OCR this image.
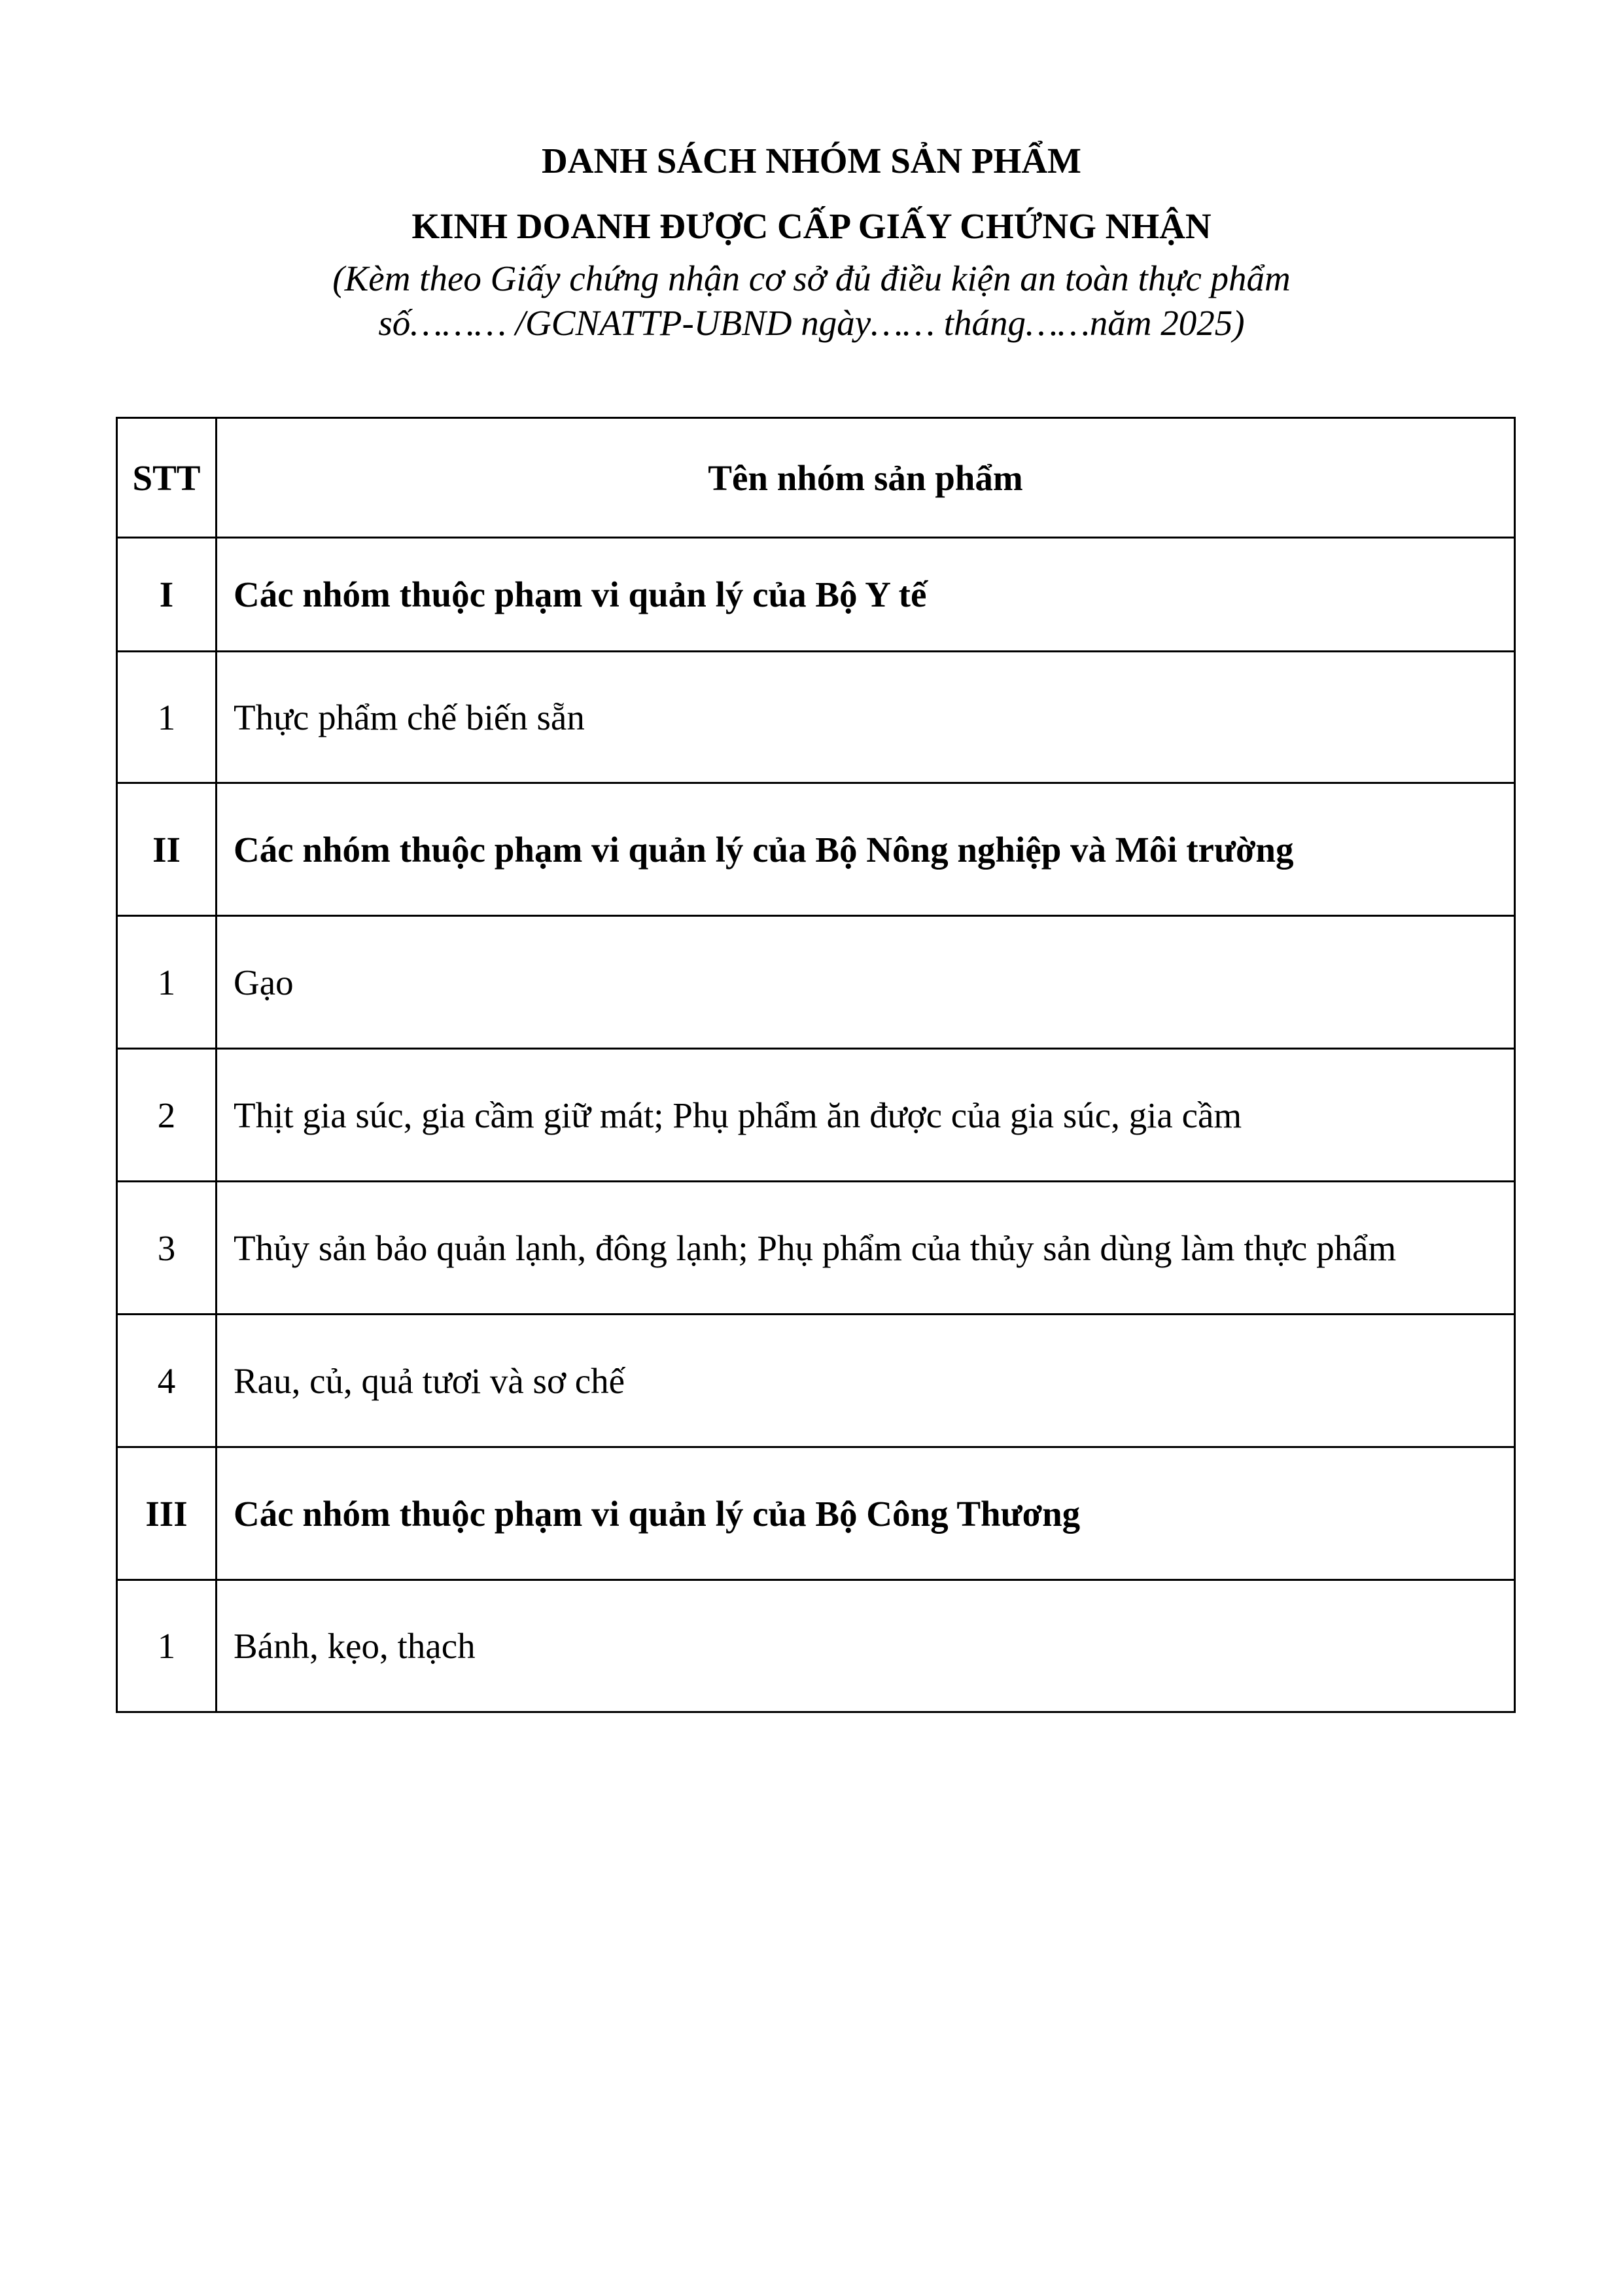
DANH SÁCH NHÓM SẢN PHẨM

KINH DOANH ĐƯỢC CẤP GIẤY CHỨNG NHẬN

(Kèm theo Giấy chứng nhận cơ sở đủ điều kiện an toàn thực phẩm

số……… /GCNATTP-UBND ngày…… tháng……năm 2025)

STT	Tên nhóm sản phẩm
I	Các nhóm thuộc phạm vi quản lý của Bộ Y tế
1	Thực phẩm chế biến sẵn
II	Các nhóm thuộc phạm vi quản lý của Bộ Nông nghiệp và Môi trường
1	Gạo
2	Thịt gia súc, gia cầm giữ mát; Phụ phẩm ăn được của gia súc, gia cầm
3	Thủy sản bảo quản lạnh, đông lạnh; Phụ phẩm của thủy sản dùng làm thực phẩm
4	Rau, củ, quả tươi và sơ chế
III	Các nhóm thuộc phạm vi quản lý của Bộ Công Thương
1	Bánh, kẹo, thạch
